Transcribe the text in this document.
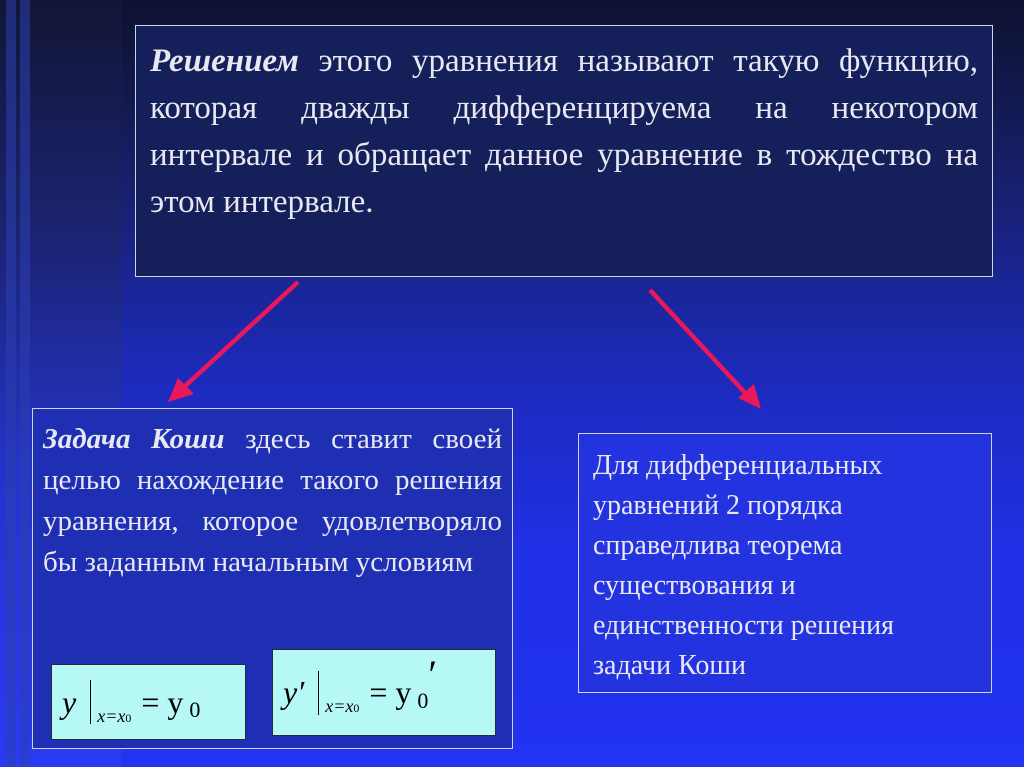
Решением этого уравнения называют такую функцию, которая дважды дифференцируема на некотором интервале и обращает данное уравнение в тождество на этом интервале.
Задача Коши здесь ставит своей целью нахождение такого решения уравнения, которое удовлетворяло бы заданным начальным условиям
y x=x0 = y 0	y′ x=x0 = y 0
′
Для дифференциальных уравнений 2 порядка справедлива теорема существования и единственности решения задачи Коши
